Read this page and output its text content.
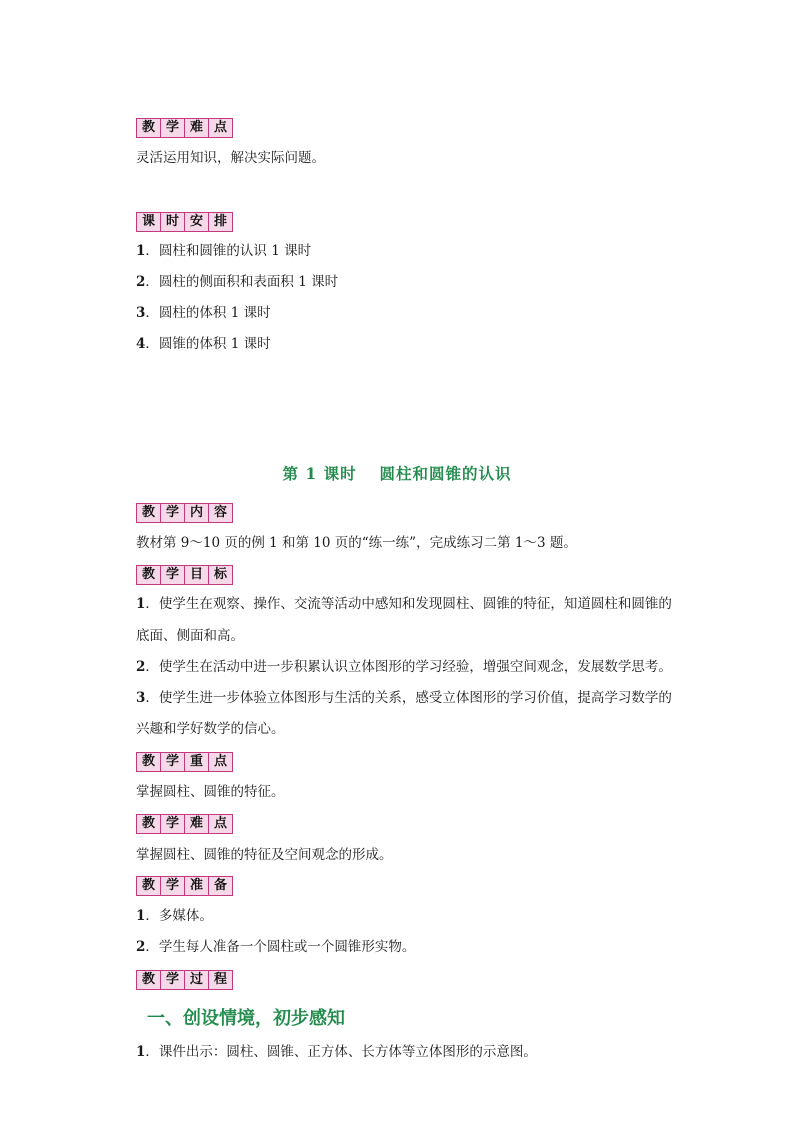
教 学 难 点
灵活运用知识，解决实际问题。
课 时 安 排
1．圆柱和圆锥的认识 1 课时
2．圆柱的侧面积和表面积 1 课时
3．圆柱的体积 1 课时
4．圆锥的体积 1 课时
第 1 课时　 圆柱和圆锥的认识
教 学 内 容
教材第 9～10 页的例 1 和第 10 页的“练一练”，完成练习二第 1～3 题。
教 学 目 标
1．使学生在观察、操作、交流等活动中感知和发现圆柱、圆锥的特征，知道圆柱和圆锥的
底面、侧面和高。
2．使学生在活动中进一步积累认识立体图形的学习经验，增强空间观念，发展数学思考。
3．使学生进一步体验立体图形与生活的关系，感受立体图形的学习价值，提高学习数学的
兴趣和学好数学的信心。
教 学 重 点
掌握圆柱、圆锥的特征。
教 学 难 点
掌握圆柱、圆锥的特征及空间观念的形成。
教 学 准 备
1．多媒体。
2．学生每人准备一个圆柱或一个圆锥形实物。
教 学 过 程
一、创设情境，初步感知
1．课件出示：圆柱、圆锥、正方体、长方体等立体图形的示意图。
